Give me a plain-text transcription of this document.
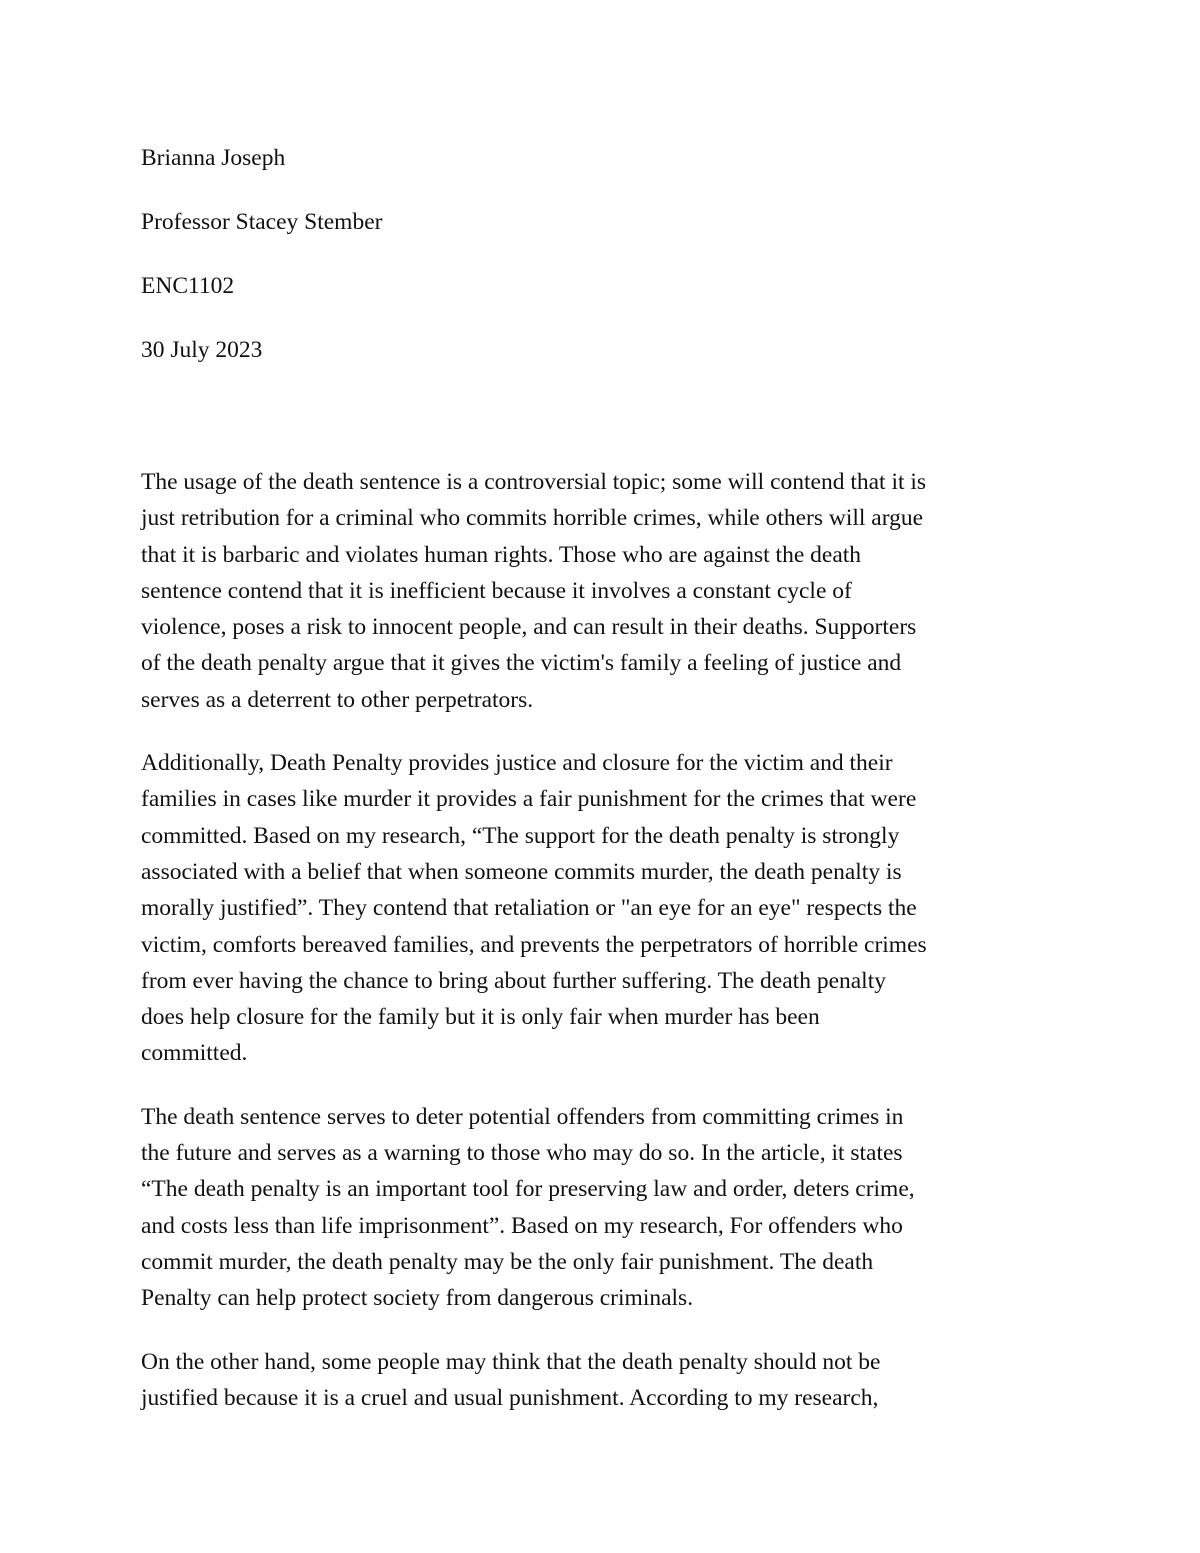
Brianna Joseph

Professor Stacey Stember

ENC1102

30 July 2023

The usage of the death sentence is a controversial topic; some will contend that it is
just retribution for a criminal who commits horrible crimes, while others will argue
that it is barbaric and violates human rights. Those who are against the death
sentence contend that it is inefficient because it involves a constant cycle of
violence, poses a risk to innocent people, and can result in their deaths. Supporters
of the death penalty argue that it gives the victim's family a feeling of justice and
serves as a deterrent to other perpetrators.

Additionally, Death Penalty provides justice and closure for the victim and their
families in cases like murder it provides a fair punishment for the crimes that were
committed. Based on my research, “The support for the death penalty is strongly
associated with a belief that when someone commits murder, the death penalty is
morally justified”. They contend that retaliation or "an eye for an eye" respects the
victim, comforts bereaved families, and prevents the perpetrators of horrible crimes
from ever having the chance to bring about further suffering. The death penalty
does help closure for the family but it is only fair when murder has been
committed.

The death sentence serves to deter potential offenders from committing crimes in
the future and serves as a warning to those who may do so. In the article, it states
“The death penalty is an important tool for preserving law and order, deters crime,
and costs less than life imprisonment”. Based on my research, For offenders who
commit murder, the death penalty may be the only fair punishment. The death
Penalty can help protect society from dangerous criminals.

On the other hand, some people may think that the death penalty should not be
justified because it is a cruel and usual punishment. According to my research,
